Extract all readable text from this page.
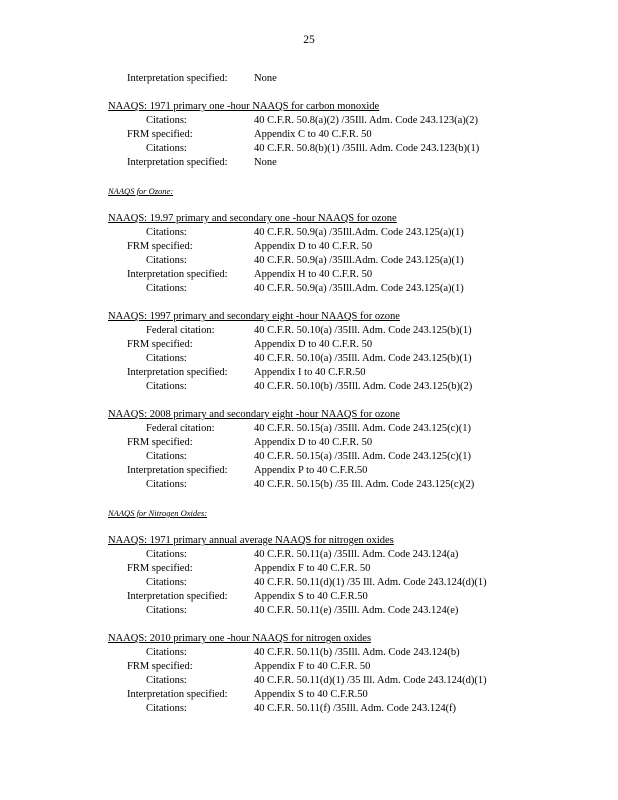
25
Interpretation specified:	None
NAAQS: 1971 primary one -hour NAAQS for carbon monoxide
Citations:	40 C.F.R. 50.8(a)(2) /35Ill. Adm. Code 243.123(a)(2)
FRM specified:	Appendix C to 40 C.F.R. 50
Citations:	40 C.F.R. 50.8(b)(1) /35Ill. Adm. Code 243.123(b)(1)
Interpretation specified:	None
NAAQS for Ozone:
NAAQS: 19.97 primary and secondary one -hour NAAQS for ozone
Citations:	40 C.F.R. 50.9(a) /35Ill.Adm. Code 243.125(a)(1)
FRM specified:	Appendix D to 40 C.F.R. 50
Citations:	40 C.F.R. 50.9(a) /35Ill.Adm. Code 243.125(a)(1)
Interpretation specified:	Appendix H to 40 C.F.R. 50
Citations:	40 C.F.R. 50.9(a) /35Ill.Adm. Code 243.125(a)(1)
NAAQS: 1997 primary and secondary eight -hour NAAQS for ozone
Federal citation:	40 C.F.R. 50.10(a) /35Ill. Adm. Code 243.125(b)(1)
FRM specified:	Appendix D to 40 C.F.R. 50
Citations:	40 C.F.R. 50.10(a) /35Ill. Adm. Code 243.125(b)(1)
Interpretation specified:	Appendix I to 40 C.F.R.50
Citations:	40 C.F.R. 50.10(b) /35Ill. Adm. Code 243.125(b)(2)
NAAQS: 2008 primary and secondary eight -hour NAAQS for ozone
Federal citation:	40 C.F.R. 50.15(a) /35Ill. Adm. Code 243.125(c)(1)
FRM specified:	Appendix D to 40 C.F.R. 50
Citations:	40 C.F.R. 50.15(a) /35Ill. Adm. Code 243.125(c)(1)
Interpretation specified:	Appendix P to 40 C.F.R.50
Citations:	40 C.F.R. 50.15(b) /35 Ill. Adm. Code 243.125(c)(2)
NAAQS for Nitrogen Oxides:
NAAQS: 1971 primary annual average NAAQS for nitrogen oxides
Citations:	40 C.F.R. 50.11(a) /35Ill. Adm. Code 243.124(a)
FRM specified:	Appendix F to 40 C.F.R. 50
Citations:	40 C.F.R. 50.11(d)(1) /35 Ill. Adm. Code 243.124(d)(1)
Interpretation specified:	Appendix S to 40 C.F.R.50
Citations:	40 C.F.R. 50.11(e) /35Ill. Adm. Code 243.124(e)
NAAQS: 2010 primary one -hour NAAQS for nitrogen oxides
Citations:	40 C.F.R. 50.11(b) /35Ill. Adm. Code 243.124(b)
FRM specified:	Appendix F to 40 C.F.R. 50
Citations:	40 C.F.R. 50.11(d)(1) /35 Ill. Adm. Code 243.124(d)(1)
Interpretation specified:	Appendix S to 40 C.F.R.50
Citations:	40 C.F.R. 50.11(f) /35Ill. Adm. Code 243.124(f)
